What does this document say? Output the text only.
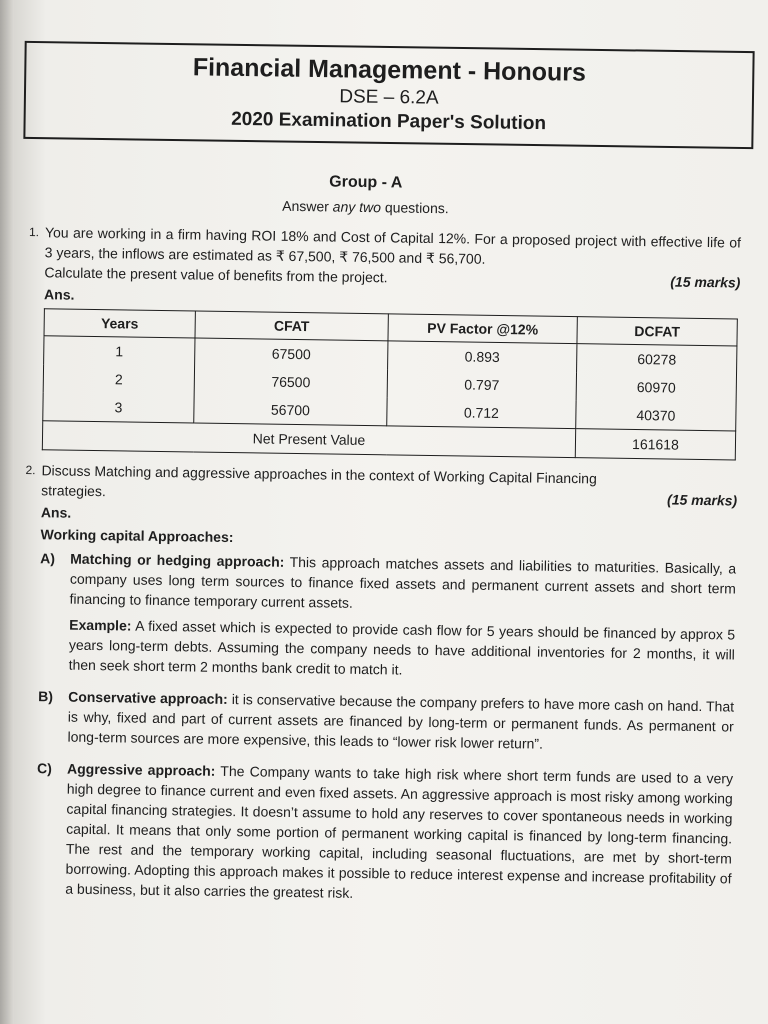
Financial Management - Honours
DSE – 6.2A
2020 Examination Paper's Solution
Group - A
Answer any two questions.
1. You are working in a firm having ROI 18% and Cost of Capital 12%. For a proposed project with effective life of 3 years, the inflows are estimated as ₹ 67,500, ₹ 76,500 and ₹ 56,700.
Calculate the present value of benefits from the project.	(15 marks)
Ans.
Years	CFAT	PV Factor @12%	DCFAT
1	67500	0.893	60278
2	76500	0.797	60970
3	56700	0.712	40370
Net Present Value			161618
2. Discuss Matching and aggressive approaches in the context of Working Capital Financing
strategies.
(15 marks)
Ans.
Working capital Approaches:
A)	Matching or hedging approach: This approach matches assets and liabilities to maturities. Basically, a company uses long term sources to finance fixed assets and permanent current assets and short term financing to finance temporary current assets.
Example: A fixed asset which is expected to provide cash flow for 5 years should be financed by approx 5 years long-term debts. Assuming the company needs to have additional inventories for 2 months, it will then seek short term 2 months bank credit to match it.
B)	Conservative approach: it is conservative because the company prefers to have more cash on hand. That is why, fixed and part of current assets are financed by long-term or permanent funds. As permanent or long-term sources are more expensive, this leads to “lower risk lower return”.
C)	Aggressive approach: The Company wants to take high risk where short term funds are used to a very high degree to finance current and even fixed assets. An aggressive approach is most risky among working capital financing strategies. It doesn’t assume to hold any reserves to cover spontaneous needs in working capital. It means that only some portion of permanent working capital is financed by long-term financing. The rest and the temporary working capital, including seasonal fluctuations, are met by short-term borrowing. Adopting this approach makes it possible to reduce interest expense and increase profitability of a business, but it also carries the greatest risk.
